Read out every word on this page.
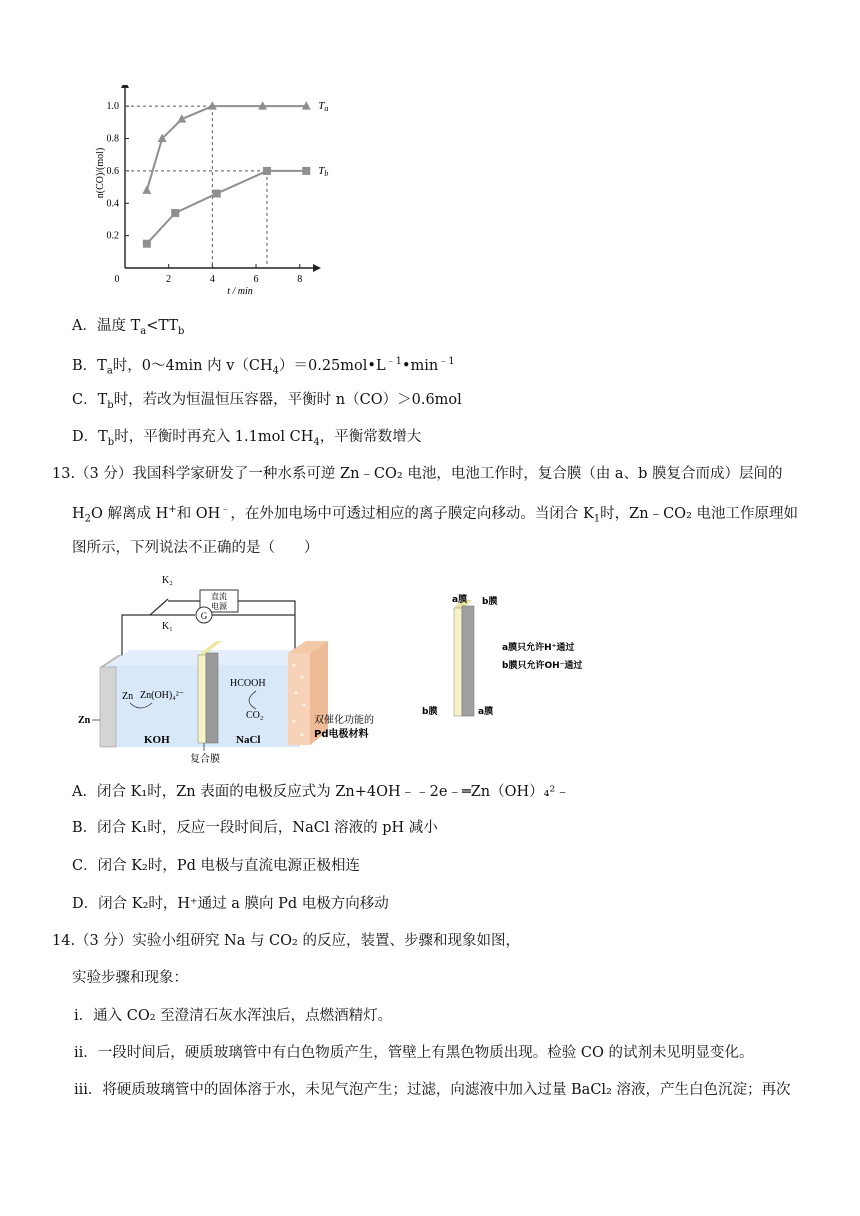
0	2	4	6	8
0.2
0.4
0.6
0.8
1.0
t / min
n(CO)/(mol)
Ta
Tb
A．温度 $T_a<TT_b$
B．$T_a$时，0～4min 内 $v(CH_4)=0.25mol•L^{﹣1}•\min^{﹣1}$
C．$T_b$时，若改为恒温恒压容器，平衡时 n（CO）＞0.6mol
D．$T_b$时，平衡时再充入 1.1mol $CH_4$，平衡常数增大
13.（3 分）我国科学家研发了一种水系可逆 Zn﹣CO₂ 电池，电池工作时，复合膜（由 a、b 膜复合而成）层间的
$H_2O$ 解离成 H+和 OH﹣，在外加电场中可透过相应的离子膜定向移动。当闭合 $K_1$时，Zn﹣CO₂ 电池工作原理如
图所示，下列说法不正确的是（　　）
直流
电源
G
K₂
K₁
Zn
复合膜
双催化功能的
Pd电极材料
Zn Zn(OH)₄²⁻
KOH	NaCl
HCOOH
CO₂
a膜 b膜
a膜只允许H⁺通过
b膜只允许OH⁻通过
b膜	a膜
A．闭合 K₁时，Zn 表面的电极反应式为 Zn+4OH﹣﹣2e﹣═Zn（OH）₄²﹣
B．闭合 K₁时，反应一段时间后，NaCl 溶液的 pH 减小
C．闭合 K₂时，Pd 电极与直流电源正极相连
D．闭合 K₂时，H⁺通过 a 膜向 Pd 电极方向移动
14.（3 分）实验小组研究 Na 与 CO₂ 的反应，装置、步骤和现象如图，
实验步骤和现象：
ⅰ．通入 CO₂ 至澄清石灰水浑浊后，点燃酒精灯。
ⅱ．一段时间后，硬质玻璃管中有白色物质产生，管壁上有黑色物质出现。检验 CO 的试剂未见明显变化。
ⅲ．将硬质玻璃管中的固体溶于水，未见气泡产生；过滤，向滤液中加入过量 BaCl₂ 溶液，产生白色沉淀；再次
